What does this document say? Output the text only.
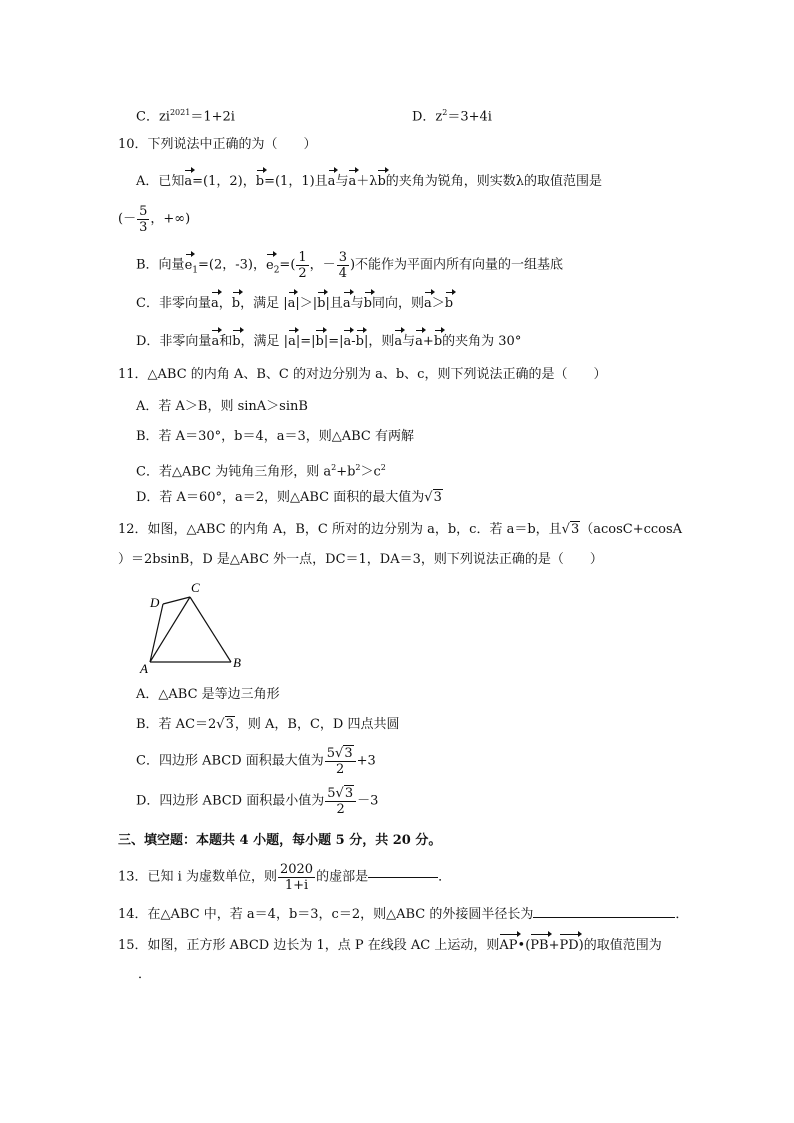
C．$zi^{2021}=1+2i$	D．$z^2=3+4i$
10．下列说法中正确的为（　　）
A．已知a=(1，2)，b=(1，1)且a与a＋λb的夹角为锐角，则实数λ的取值范围是
(－ $\frac{5}{3}$ ，+∞)
B．向量$e_1=(2$，-3)，$e_2=( \frac{1}{2}$ ，－ $\frac{3}{4}$ )不能作为平面内所有向量的一组基底
C．非零向量a，b，满足 |a|＞|b|且a与b同向，则a＞b
D．非零向量a和b，满足 |a|=|b|=|a-b|，则a与a+b的夹角为 30°
11．△ABC 的内角 A、B、C 的对边分别为 a、b、c，则下列说法正确的是（　　）
A．若 A＞B，则 sinA＞sinB
B．若 A＝30°，b＝4，a＝3，则△ABC 有两解
C．若△ABC 为钝角三角形，则 $a^2+b^2>c^2$
D．若 A＝60°，a＝2，则△ABC 面积的最大值为√3
12．如图，△ABC 的内角 A，B，C 所对的边分别为 a，b，c．若 a＝b，且√3（acosC+ccosA
）＝2bsinB，D 是△ABC 外一点，DC＝1，DA＝3，则下列说法正确的是（　　）
D
C
A	B
A．△ABC 是等边三角形
B．若 AC＝2√3，则 A，B，C，D 四点共圆
C．四边形 ABCD 面积最大值为 $\frac{5√3}{2} +3$
D．四边形 ABCD 面积最小值为 $\frac{5√3}{2} -3$
三、填空题：本题共 4 小题，每小题 5 分，共 20 分。
13．已知 i 为虚数单位，则 $\frac{2020}{1+i}$ 的虚部是	．
14．在△ABC 中，若 a＝4，b＝3，c＝2，则△ABC 的外接圆半径长为	．
15．如图，正方形 ABCD 边长为 1，点 P 在线段 AC 上运动，则AP•(PB+PD)的取值范围为
．
